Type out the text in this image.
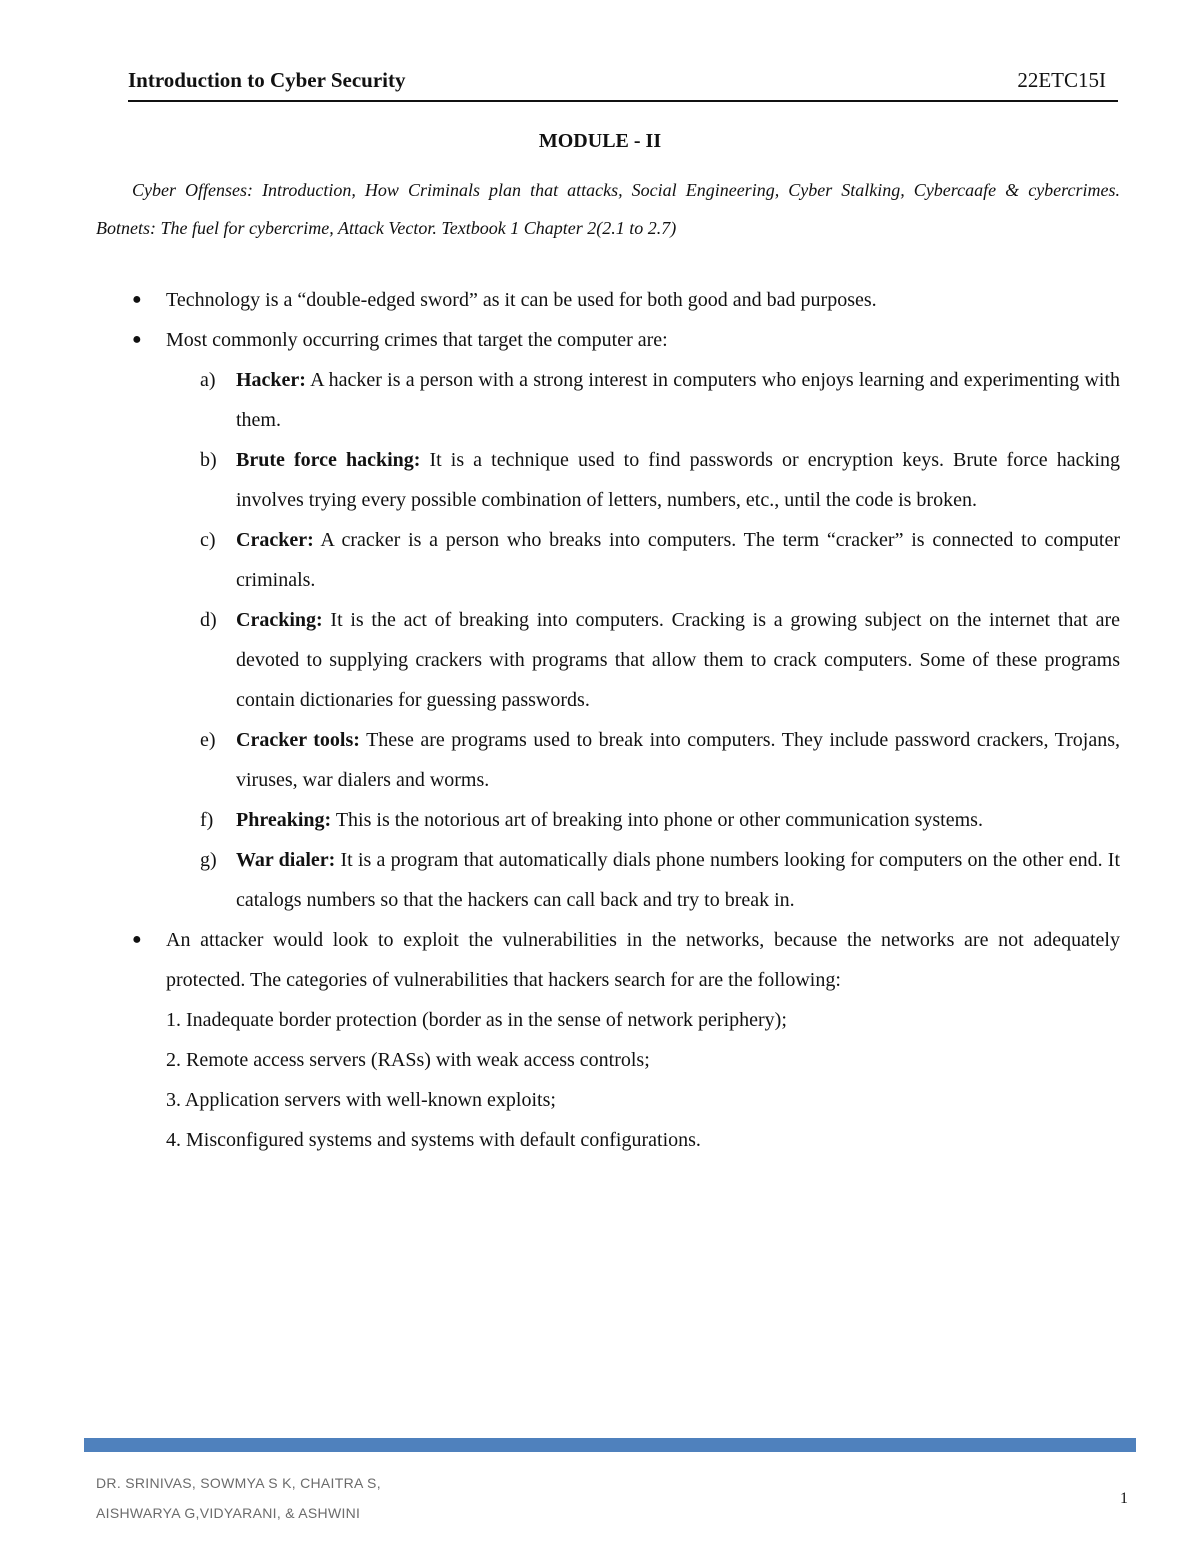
Introduction to Cyber Security	22ETC15I
MODULE - II
Cyber Offenses: Introduction, How Criminals plan that attacks, Social Engineering, Cyber Stalking, Cybercaafe & cybercrimes. Botnets: The fuel for cybercrime, Attack Vector. Textbook 1 Chapter 2(2.1 to 2.7)
● Technology is a “double-edged sword” as it can be used for both good and bad purposes.
● Most commonly occurring crimes that target the computer are:
a) Hacker: A hacker is a person with a strong interest in computers who enjoys learning and experimenting with them.
b) Brute force hacking: It is a technique used to find passwords or encryption keys. Brute force hacking involves trying every possible combination of letters, numbers, etc., until the code is broken.
c) Cracker: A cracker is a person who breaks into computers. The term “cracker” is connected to computer criminals.
d) Cracking: It is the act of breaking into computers. Cracking is a growing subject on the internet that are devoted to supplying crackers with programs that allow them to crack computers. Some of these programs contain dictionaries for guessing passwords.
e) Cracker tools: These are programs used to break into computers. They include password crackers, Trojans, viruses, war dialers and worms.
f) Phreaking: This is the notorious art of breaking into phone or other communication systems.
g) War dialer: It is a program that automatically dials phone numbers looking for computers on the other end. It catalogs numbers so that the hackers can call back and try to break in.
● An attacker would look to exploit the vulnerabilities in the networks, because the networks are not adequately protected. The categories of vulnerabilities that hackers search for are the following:
1. Inadequate border protection (border as in the sense of network periphery);
2. Remote access servers (RASs) with weak access controls;
3. Application servers with well-known exploits;
4. Misconfigured systems and systems with default configurations.
DR. SRINIVAS, SOWMYA S K, CHAITRA S,
AISHWARYA G,VIDYARANI, & ASHWINI
1
